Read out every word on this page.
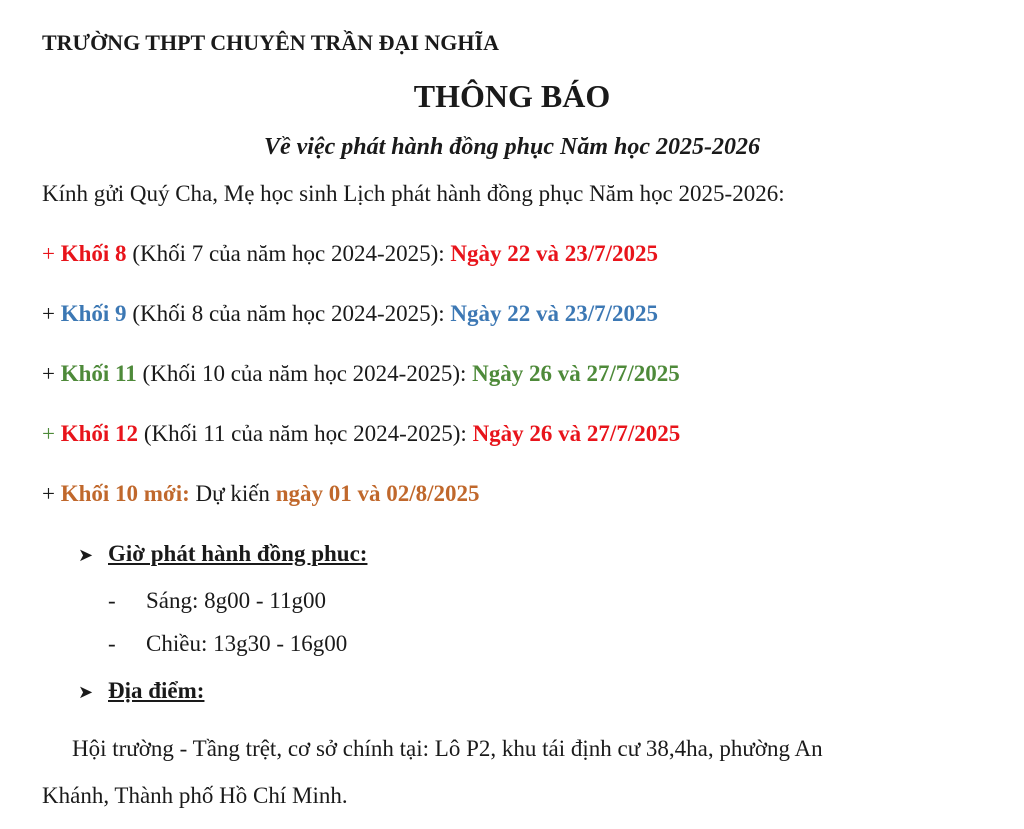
TRƯỜNG THPT CHUYÊN TRẦN ĐẠI NGHĨA
THÔNG BÁO
Về việc phát hành đồng phục Năm học 2025-2026
Kính gửi Quý Cha, Mẹ học sinh Lịch phát hành đồng phục Năm học 2025-2026:
+ Khối 8 (Khối 7 của năm học 2024-2025): Ngày 22 và 23/7/2025
+ Khối 9 (Khối 8 của năm học 2024-2025): Ngày 22 và 23/7/2025
+ Khối 11 (Khối 10 của năm học 2024-2025): Ngày 26 và 27/7/2025
+ Khối 12 (Khối 11 của năm học 2024-2025): Ngày 26 và 27/7/2025
+ Khối 10 mới: Dự kiến ngày 01 và 02/8/2025
➤ Giờ phát hành đồng phuc:
- Sáng: 8g00 - 11g00
- Chiều: 13g30 - 16g00
➤ Địa điểm:
Hội trường - Tầng trệt, cơ sở chính tại: Lô P2, khu tái định cư 38,4ha, phường An
Khánh, Thành phố Hồ Chí Minh.
